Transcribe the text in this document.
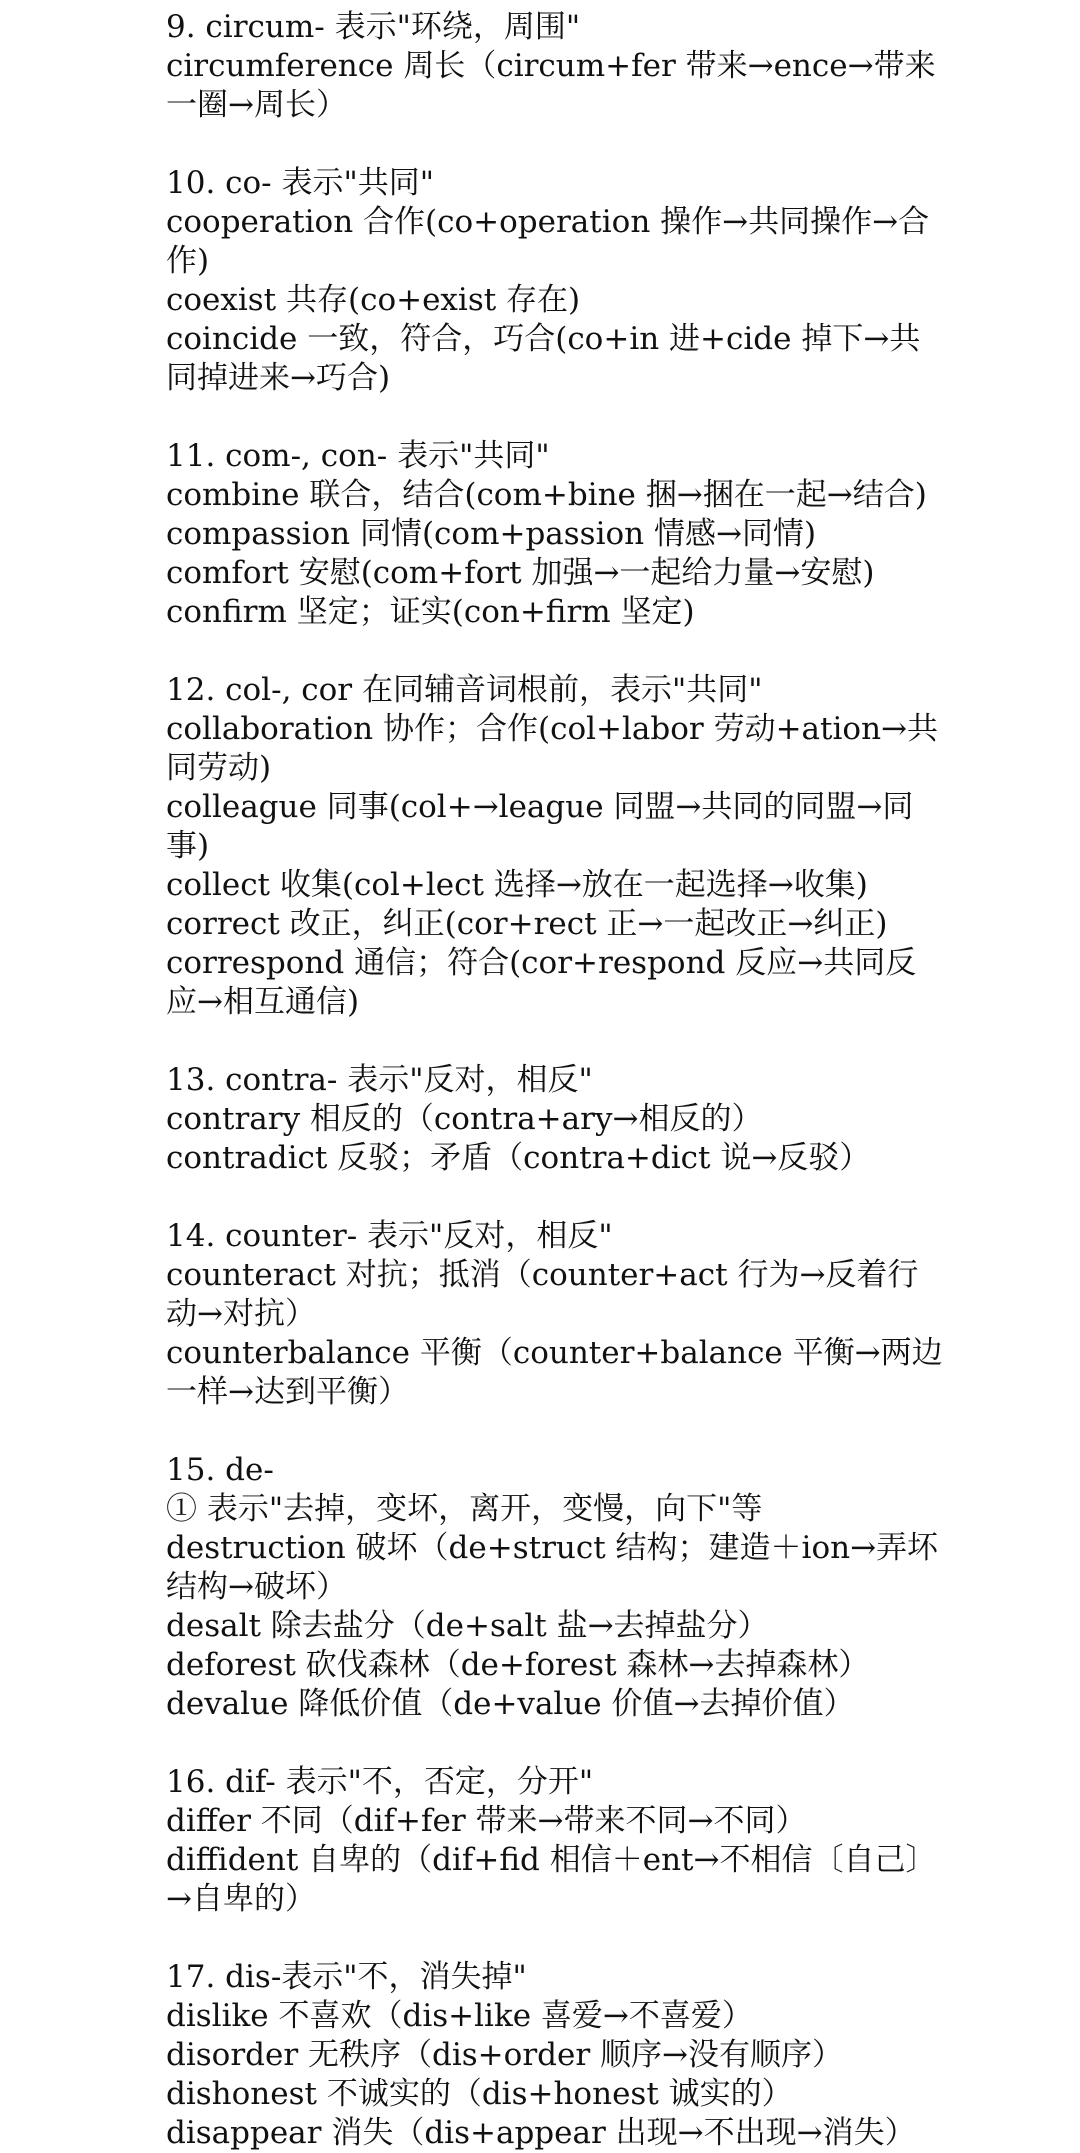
9. circum- 表示"环绕，周围"
circumference 周长（circum+fer 带来→ence→带来一圈→周长）
10. co- 表示"共同"
cooperation 合作(co+operation 操作→共同操作→合作)
coexist 共存(co+exist 存在)
coincide 一致，符合，巧合(co+in 进+cide 掉下→共同掉进来→巧合)
11. com-, con- 表示"共同"
combine 联合，结合(com+bine 捆→捆在一起→结合)
compassion 同情(com+passion 情感→同情)
comfort 安慰(com+fort 加强→一起给力量→安慰)
confirm 坚定；证实(con+firm 坚定)
12. col-, cor 在同辅音词根前，表示"共同"
collaboration 协作；合作(col+labor 劳动+ation→共同劳动)
colleague 同事(col+→league 同盟→共同的同盟→同事)
collect 收集(col+lect 选择→放在一起选择→收集)
correct 改正，纠正(cor+rect 正→一起改正→纠正)
correspond 通信；符合(cor+respond 反应→共同反应→相互通信)
13. contra- 表示"反对，相反"
contrary 相反的（contra+ary→相反的）
contradict 反驳；矛盾（contra+dict 说→反驳）
14. counter- 表示"反对，相反"
counteract 对抗；抵消（counter+act 行为→反着行动→对抗）
counterbalance 平衡（counter+balance 平衡→两边一样→达到平衡）
15. de-
① 表示"去掉，变坏，离开，变慢，向下"等
destruction 破坏（de+struct 结构；建造＋ion→弄坏结构→破坏）
desalt 除去盐分（de+salt 盐→去掉盐分）
deforest 砍伐森林（de+forest 森林→去掉森林）
devalue 降低价值（de+value 价值→去掉价值）
16. dif- 表示"不，否定，分开"
differ 不同（dif+fer 带来→带来不同→不同）
diffident 自卑的（dif+fid 相信＋ent→不相信〔自己〕→自卑的）
17. dis-表示"不，消失掉"
dislike 不喜欢（dis+like 喜爱→不喜爱）
disorder 无秩序（dis+order 顺序→没有顺序）
dishonest 不诚实的（dis+honest 诚实的）
disappear 消失（dis+appear 出现→不出现→消失）
